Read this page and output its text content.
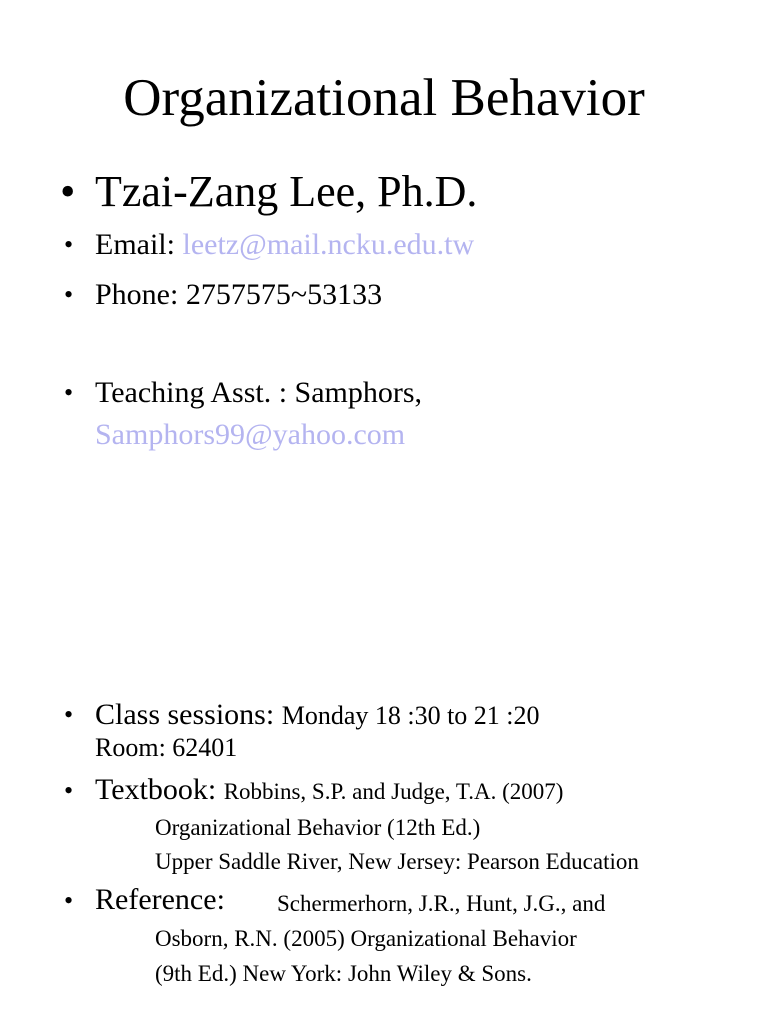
Organizational Behavior
• Tzai-Zang Lee, Ph.D.
• Email: leetz@mail.ncku.edu.tw
• Phone: 2757575~53133
• Teaching Asst. : Samphors,
Samphors99@yahoo.com
• Class sessions: Monday 18 :30 to 21 :20
Room: 62401
• Textbook: Robbins, S.P. and Judge, T.A. (2007)
Organizational Behavior (12th Ed.)
Upper Saddle River, New Jersey: Pearson Education
• Reference: Schermerhorn, J.R., Hunt, J.G., and
Osborn, R.N. (2005) Organizational Behavior
(9th Ed.) New York: John Wiley & Sons.
